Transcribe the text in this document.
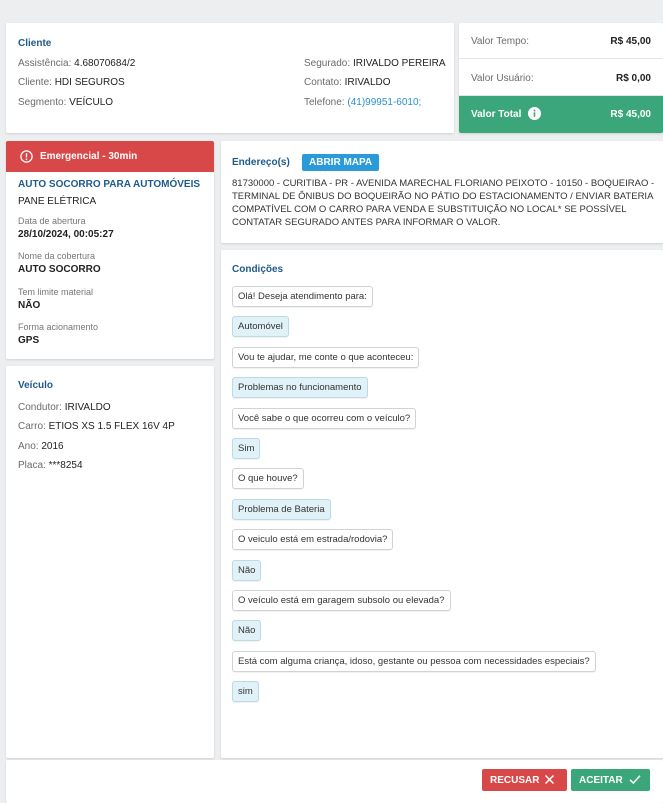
Cliente
Assistência: 4.68070684/2
Cliente: HDI SEGUROS
Segmento: VEÍCULO
Segurado: IRIVALDO PEREIRA
Contato: IRIVALDO
Telefone: (41)99951-6010;
Valor Tempo:	R$ 45,00
Valor Usuário:	R$ 0,00
Valor Total	R$ 45,00
Emergencial - 30min
AUTO SOCORRO PARA AUTOMÓVEIS
PANE ELÉTRICA
Data de abertura
28/10/2024, 00:05:27
Nome da cobertura
AUTO SOCORRO
Tem limite material
NÃO
Forma acionamento
GPS
Veículo
Condutor: IRIVALDO
Carro: ETIOS XS 1.5 FLEX 16V 4P
Ano: 2016
Placa: ***8254
Endereço(s)	ABRIR MAPA
81730000 - CURITIBA - PR - AVENIDA MARECHAL FLORIANO PEIXOTO - 10150 - BOQUEIRAO - TERMINAL DE ÔNIBUS DO BOQUEIRÃO NO PÁTIO DO ESTACIONAMENTO / ENVIAR BATERIA COMPATÍVEL COM O CARRO PARA VENDA E SUBSTITUIÇÃO NO LOCAL* SE POSSÍVEL CONTATAR SEGURADO ANTES PARA INFORMAR O VALOR.
Condições
Olá! Deseja atendimento para:
Automóvel
Vou te ajudar, me conte o que aconteceu:
Problemas no funcionamento
Você sabe o que ocorreu com o veículo?
Sim
O que houve?
Problema de Bateria
O veiculo está em estrada/rodovia?
Não
O veículo está em garagem subsolo ou elevada?
Não
Está com alguma criança, idoso, gestante ou pessoa com necessidades especiais?
sim
RECUSAR	ACEITAR
